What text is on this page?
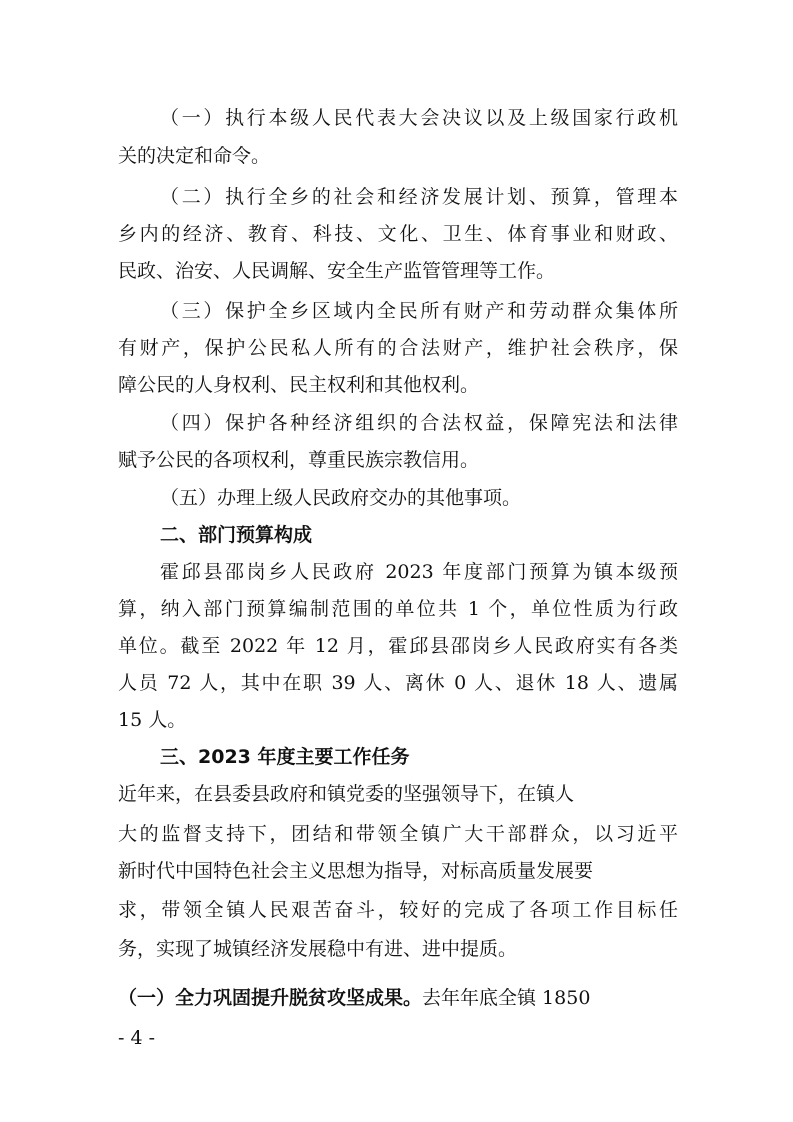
（一）执行本级人民代表大会决议以及上级国家行政机
关的决定和命令。
（二）执行全乡的社会和经济发展计划、预算，管理本
乡内的经济、教育、科技、文化、卫生、体育事业和财政、
民政、治安、人民调解、安全生产监管管理等工作。
（三）保护全乡区域内全民所有财产和劳动群众集体所
有财产，保护公民私人所有的合法财产，维护社会秩序，保
障公民的人身权利、民主权利和其他权利。
（四）保护各种经济组织的合法权益，保障宪法和法律
赋予公民的各项权利，尊重民族宗教信用。
（五）办理上级人民政府交办的其他事项。
二、部门预算构成
霍邱县邵岗乡人民政府 2023 年度部门预算为镇本级预
算，纳入部门预算编制范围的单位共 1 个，单位性质为行政
单位。截至 2022 年 12 月，霍邱县邵岗乡人民政府实有各类
人员 72 人，其中在职 39 人、离休 0 人、退休 18 人、遗属
15 人。
三、2023 年度主要工作任务
近年来，在县委县政府和镇党委的坚强领导下，在镇人
大的监督支持下，团结和带领全镇广大干部群众，以习近平
新时代中国特色社会主义思想为指导，对标高质量发展要
求，带领全镇人民艰苦奋斗，较好的完成了各项工作目标任
务，实现了城镇经济发展稳中有进、进中提质。
（一）全力巩固提升脱贫攻坚成果。去年年底全镇 1850
- 4 -
